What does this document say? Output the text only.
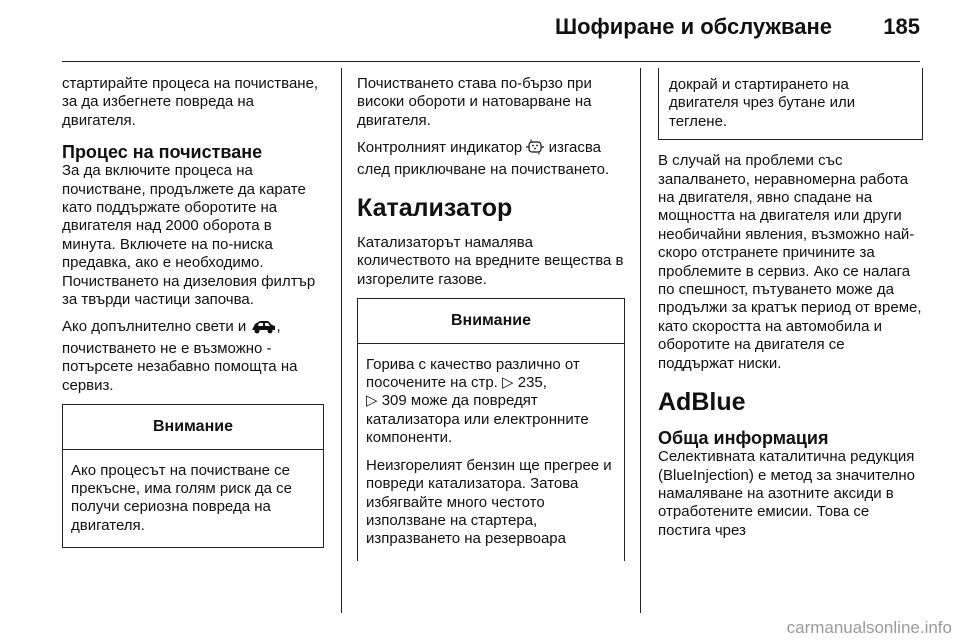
Шофиране и обслужване 185

стартирайте процеса на почистване, за да избегнете повреда на двигателя.

Процес на почистване

За да включите процеса на почистване, продължете да карате като поддържате оборотите на двигателя над 2000 оборота в минута. Включете на по-ниска предавка, ако е необходимо. Почистването на дизеловия филтър за твърди частици започва.

Ако допълнително свети и , почистването не е възможно - потърсете незабавно помощта на сервиз.

Внимание

Ако процесът на почистване се прекъсне, има голям риск да се получи сериозна повреда на двигателя.

Почистването става по-бързо при високи обороти и натоварване на двигателя.

Контролният индикатор  изгасва след приключване на почистването.

Катализатор

Катализаторът намалява количеството на вредните вещества в изгорелите газове.

Внимание

Горива с качество различно от посочените на стр. ▷ 235,
▷ 309 може да повредят катализатора или електронните компоненти.

Неизгорелият бензин ще прегрее и повреди катализатора. Затова избягвайте много честото използване на стартера, изпразването на резервоара

докрай и стартирането на двигателя чрез бутане или теглене.

В случай на проблеми със запалването, неравномерна работа на двигателя, явно спадане на мощността на двигателя или други необичайни явления, възможно най-скоро отстранете причините за проблемите в сервиз. Ако се налага по спешност, пътуването може да продължи за кратък период от време, като скоростта на автомобила и оборотите на двигателя се поддържат ниски.

AdBlue
Обща информация

Селективната каталитична редукция (BlueInjection) е метод за значително намаляване на азотните аксиди в отработените емисии. Това се постига чрез

carmanualsonline.info
